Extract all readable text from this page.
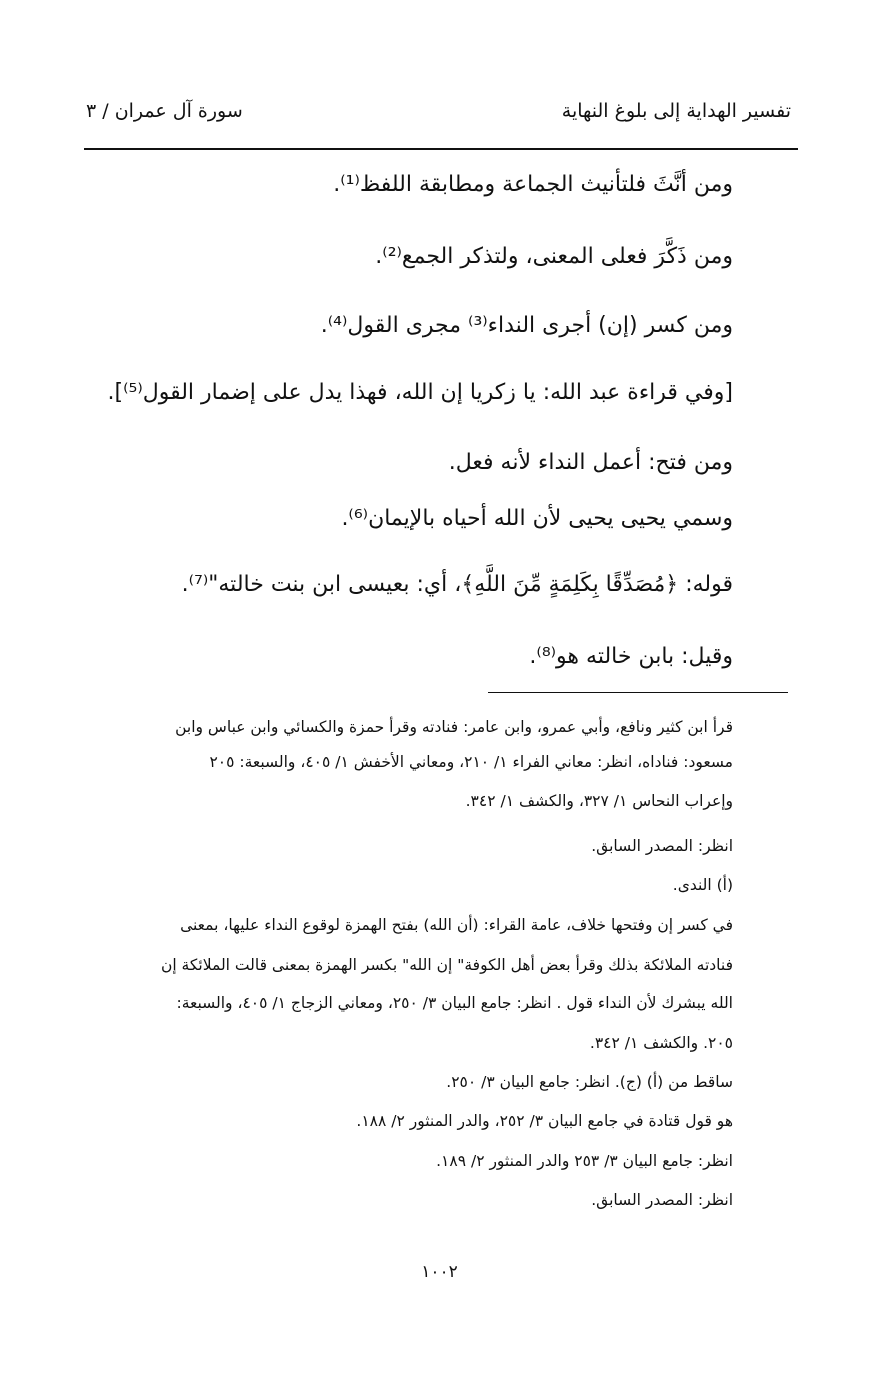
تفسير الهداية إلى بلوغ النهاية
سورة آل عمران / ٣
ومن أنَّثَ فلتأنيث الجماعة ومطابقة اللفظ⁽¹⁾.
ومن ذَكَّرَ فعلى المعنى، ولتذكر الجمع⁽²⁾.
ومن كسر (إن) أجرى النداء⁽³⁾ مجرى القول⁽⁴⁾.
[وفي قراءة عبد الله: يا زكريا إن الله، فهذا يدل على إضمار القول⁽⁵⁾].
ومن فتح: أعمل النداء لأنه فعل.
وسمي يحيى يحيى لأن الله أحياه بالإيمان⁽⁶⁾.
قوله: ﴿مُصَدِّقًا بِكَلِمَةٍ مِّنَ اللَّهِ﴾، أي: بعيسى ابن بنت خالته"⁽⁷⁾.
وقيل: بابن خالته هو⁽⁸⁾.
قرأ ابن كثير ونافع، وأبي عمرو، وابن عامر: فنادته وقرأ حمزة والكسائي وابن عباس وابن
مسعود: فناداه، انظر: معاني الفراء ١/ ٢١٠، ومعاني الأخفش ١/ ٤٠٥، والسبعة: ٢٠٥
وإعراب النحاس ١/ ٣٢٧، والكشف ١/ ٣٤٢.
انظر: المصدر السابق.
(أ) الندى.
في كسر إن وفتحها خلاف، عامة القراء: (أن الله) بفتح الهمزة لوقوع النداء عليها، بمعنى
فنادته الملائكة بذلك وقرأ بعض أهل الكوفة" إن الله" بكسر الهمزة بمعنى قالت الملائكة إن
الله يبشرك لأن النداء قول . انظر: جامع البيان ٣/ ٢٥٠، ومعاني الزجاج ١/ ٤٠٥، والسبعة:
٢٠٥. والكشف ١/ ٣٤٢.
ساقط من (أ) (ج). انظر: جامع البيان ٣/ ٢٥٠.
هو قول قتادة في جامع البيان ٣/ ٢٥٢، والدر المنثور ٢/ ١٨٨.
انظر: جامع البيان ٣/ ٢٥٣ والدر المنثور ٢/ ١٨٩.
انظر: المصدر السابق.
١٠٠٢
